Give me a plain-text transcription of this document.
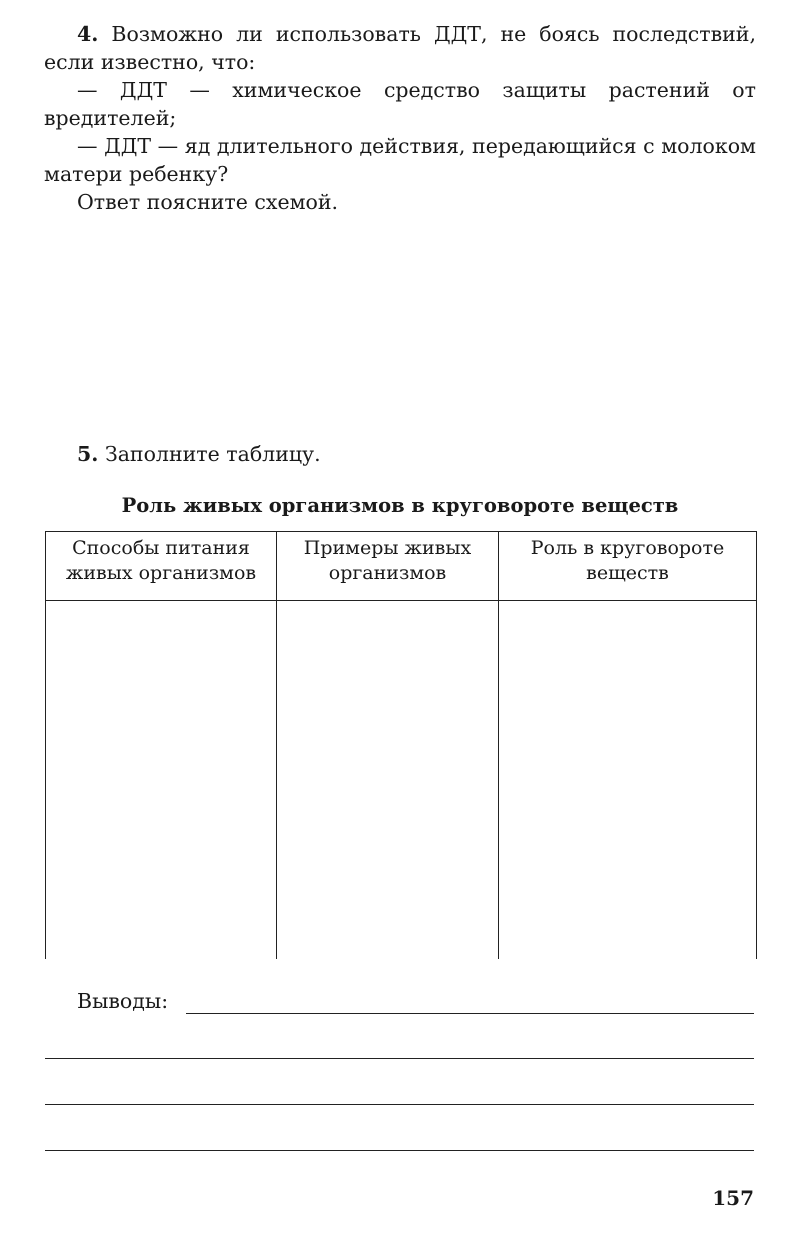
4. Возможно ли использовать ДДТ, не боясь последствий, если известно, что:

— ДДТ — химическое средство защиты растений от вредителей;

— ДДТ — яд длительного действия, передающийся с молоком матери ребенку?

Ответ поясните схемой.

5. Заполните таблицу.
Роль живых организмов в круговороте веществ
Способы питания живых организмов	Примеры живых организмов	Роль в круговороте веществ

Выводы:
157
